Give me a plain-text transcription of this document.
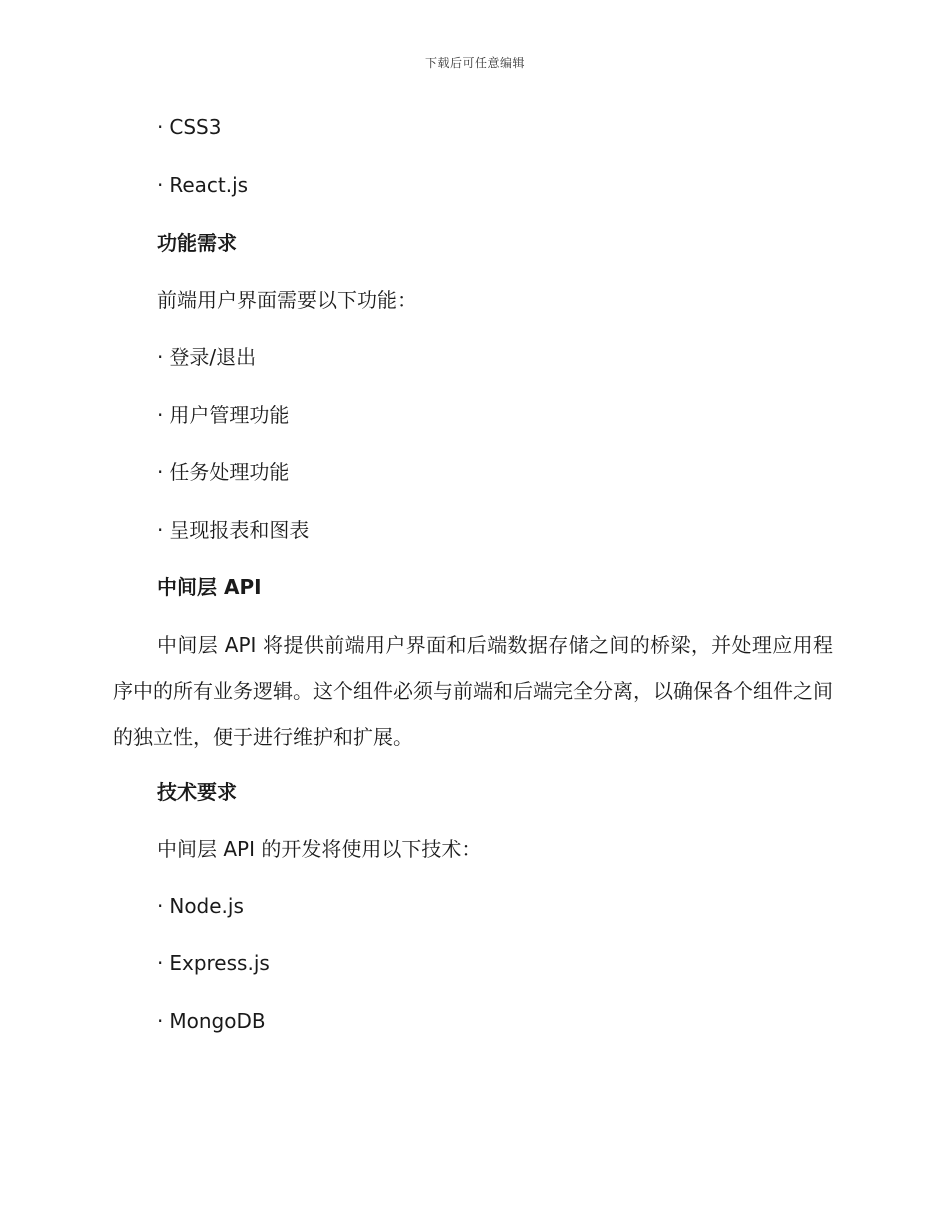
下载后可任意编辑
· CSS3
· React.js
功能需求
前端用户界面需要以下功能：
· 登录/退出
· 用户管理功能
· 任务处理功能
· 呈现报表和图表
中间层 API
中间层 API 将提供前端用户界面和后端数据存储之间的桥梁，并处理应用程序中的所有业务逻辑。这个组件必须与前端和后端完全分离，以确保各个组件之间的独立性，便于进行维护和扩展。
技术要求
中间层 API 的开发将使用以下技术：
· Node.js
· Express.js
· MongoDB
